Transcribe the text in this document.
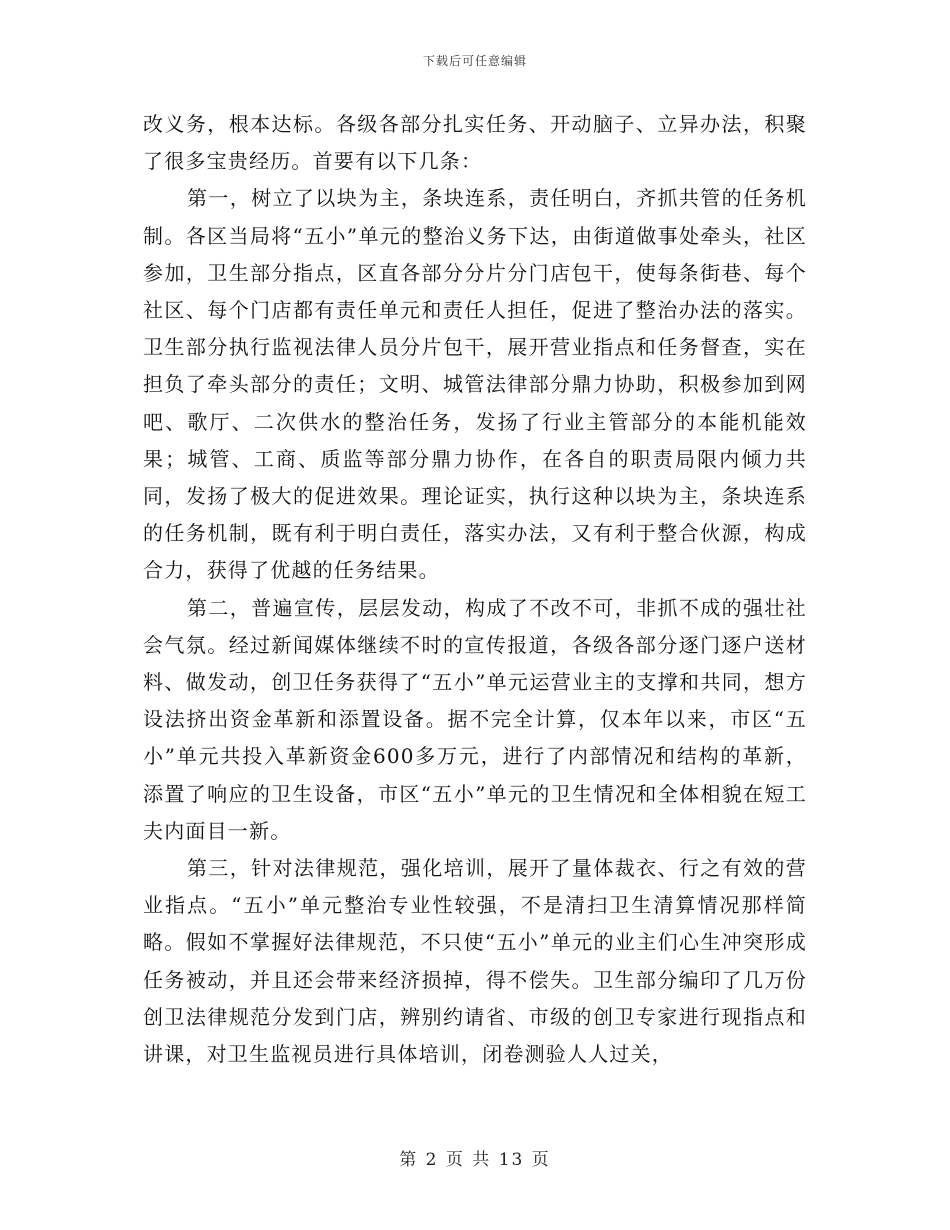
下载后可任意编辑

改义务，根本达标。各级各部分扎实任务、开动脑子、立异办法，积聚了很多宝贵经历。首要有以下几条：

第一，树立了以块为主，条块连系，责任明白，齐抓共管的任务机制。各区当局将“五小”单元的整治义务下达，由街道做事处牵头，社区参加，卫生部分指点，区直各部分分片分门店包干，使每条街巷、每个社区、每个门店都有责任单元和责任人担任，促进了整治办法的落实。卫生部分执行监视法律人员分片包干，展开营业指点和任务督查，实在担负了牵头部分的责任；文明、城管法律部分鼎力协助，积极参加到网吧、歌厅、二次供水的整治任务，发扬了行业主管部分的本能机能效果；城管、工商、质监等部分鼎力协作，在各自的职责局限内倾力共同，发扬了极大的促进效果。理论证实，执行这种以块为主，条块连系的任务机制，既有利于明白责任，落实办法，又有利于整合伙源，构成合力，获得了优越的任务结果。

第二，普遍宣传，层层发动，构成了不改不可，非抓不成的强壮社会气氛。经过新闻媒体继续不时的宣传报道，各级各部分逐门逐户送材料、做发动，创卫任务获得了“五小”单元运营业主的支撑和共同，想方设法挤出资金革新和添置设备。据不完全计算，仅本年以来，市区“五小”单元共投入革新资金600多万元，进行了内部情况和结构的革新，添置了响应的卫生设备，市区“五小”单元的卫生情况和全体相貌在短工夫内面目一新。

第三，针对法律规范，强化培训，展开了量体裁衣、行之有效的营业指点。“五小”单元整治专业性较强，不是清扫卫生清算情况那样简略。假如不掌握好法律规范，不只使“五小”单元的业主们心生冲突形成任务被动，并且还会带来经济损掉，得不偿失。卫生部分编印了几万份创卫法律规范分发到门店，辨别约请省、市级的创卫专家进行现指点和讲课，对卫生监视员进行具体培训，闭卷测验人人过关，

第 2 页 共 13 页
